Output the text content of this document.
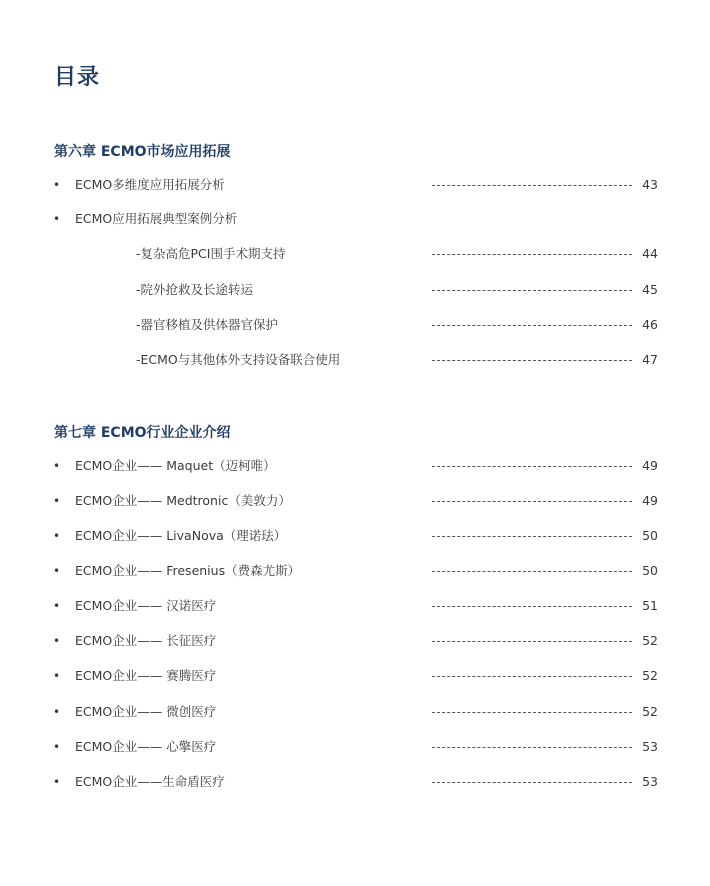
目录
第六章 ECMO市场应用拓展
• ECMO多维度应用拓展分析	43
• ECMO应用拓展典型案例分析
-复杂高危PCI围手术期支持	44
-院外抢救及长途转运	45
-器官移植及供体器官保护	46
-ECMO与其他体外支持设备联合使用	47
第七章 ECMO行业企业介绍
• ECMO企业—— Maquet（迈柯唯）	49
• ECMO企业—— Medtronic（美敦力）	49
• ECMO企业—— LivaNova（理诺珐）	50
• ECMO企业—— Fresenius（费森尤斯）	50
• ECMO企业—— 汉诺医疗	51
• ECMO企业—— 长征医疗	52
• ECMO企业—— 赛腾医疗	52
• ECMO企业—— 微创医疗	52
• ECMO企业—— 心擎医疗	53
• ECMO企业——生命盾医疗	53
